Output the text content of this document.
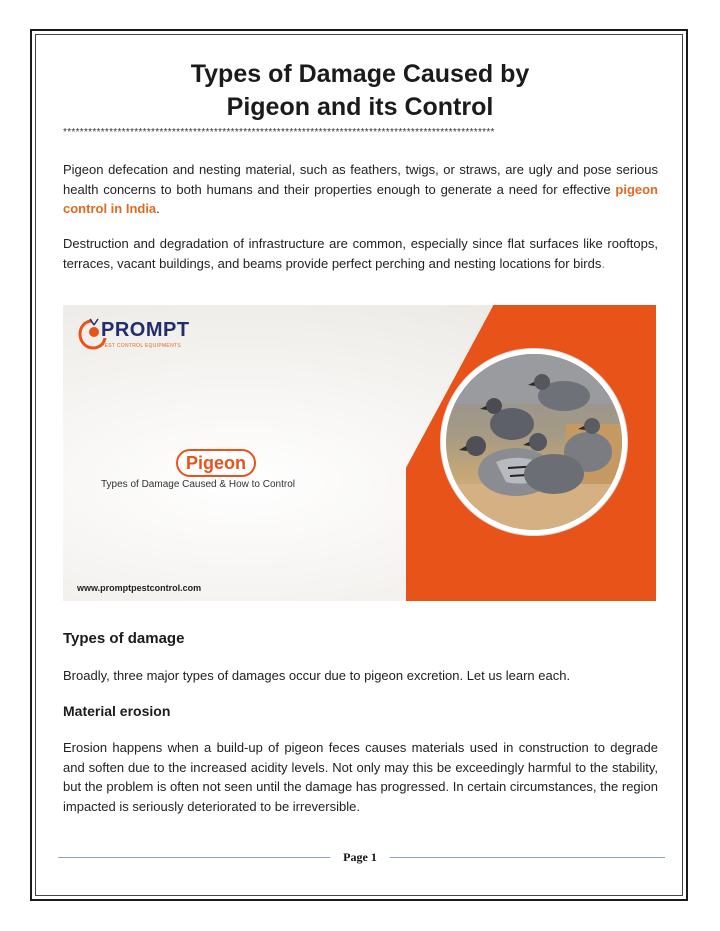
Types of Damage Caused by
Pigeon and its Control
*******************************************************************************************************
Pigeon defecation and nesting material, such as feathers, twigs, or straws, are ugly and pose serious health concerns to both humans and their properties enough to generate a need for effective pigeon control in India.
Destruction and degradation of infrastructure are common, especially since flat surfaces like rooftops, terraces, vacant buildings, and beams provide perfect perching and nesting locations for birds.
PROMPT
PEST CONTROL EQUIPMENTS
Pigeon
Types of Damage Caused & How to Control
www.promptpestcontrol.com
Types of damage
Broadly, three major types of damages occur due to pigeon excretion. Let us learn each.
Material erosion
Erosion happens when a build-up of pigeon feces causes materials used in construction to degrade and soften due to the increased acidity levels. Not only may this be exceedingly harmful to the stability, but the problem is often not seen until the damage has progressed. In certain circumstances, the region impacted is seriously deteriorated to be irreversible.
Page 1
